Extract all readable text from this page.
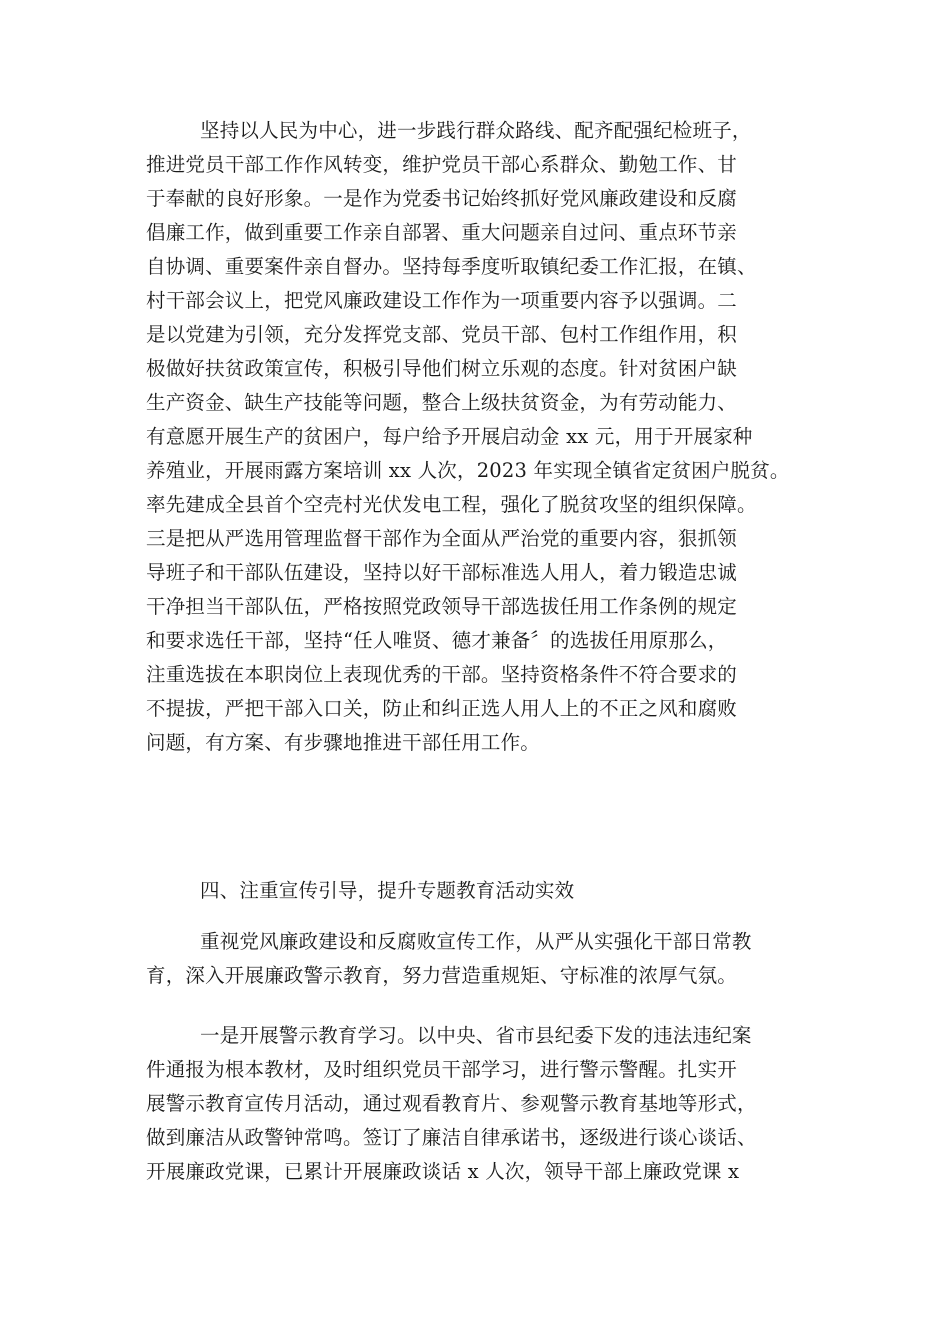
坚持以人民为中心，进一步践行群众路线、配齐配强纪检班子，
推进党员干部工作作风转变，维护党员干部心系群众、勤勉工作、甘
于奉献的良好形象。一是作为党委书记始终抓好党风廉政建设和反腐
倡廉工作，做到重要工作亲自部署、重大问题亲自过问、重点环节亲
自协调、重要案件亲自督办。坚持每季度听取镇纪委工作汇报，在镇、
村干部会议上，把党风廉政建设工作作为一项重要内容予以强调。二
是以党建为引领，充分发挥党支部、党员干部、包村工作组作用，积
极做好扶贫政策宣传，积极引导他们树立乐观的态度。针对贫困户缺
生产资金、缺生产技能等问题，整合上级扶贫资金，为有劳动能力、
有意愿开展生产的贫困户，每户给予开展启动金 xx 元，用于开展家种
养殖业，开展雨露方案培训 xx 人次，2023 年实现全镇省定贫困户脱贫。
率先建成全县首个空壳村光伏发电工程，强化了脱贫攻坚的组织保障。
三是把从严选用管理监督干部作为全面从严治党的重要内容，狠抓领
导班子和干部队伍建设，坚持以好干部标准选人用人，着力锻造忠诚
干净担当干部队伍，严格按照党政领导干部选拔任用工作条例的规定
和要求选任干部，坚持“任人唯贤、德才兼备〞的选拔任用原那么，
注重选拔在本职岗位上表现优秀的干部。坚持资格条件不符合要求的
不提拔，严把干部入口关，防止和纠正选人用人上的不正之风和腐败
问题，有方案、有步骤地推进干部任用工作。
四、注重宣传引导，提升专题教育活动实效
重视党风廉政建设和反腐败宣传工作，从严从实强化干部日常教
育，深入开展廉政警示教育，努力营造重规矩、守标准的浓厚气氛。
一是开展警示教育学习。以中央、省市县纪委下发的违法违纪案
件通报为根本教材，及时组织党员干部学习，进行警示警醒。扎实开
展警示教育宣传月活动，通过观看教育片、参观警示教育基地等形式，
做到廉洁从政警钟常鸣。签订了廉洁自律承诺书，逐级进行谈心谈话、
开展廉政党课，已累计开展廉政谈话 x 人次，领导干部上廉政党课 x
